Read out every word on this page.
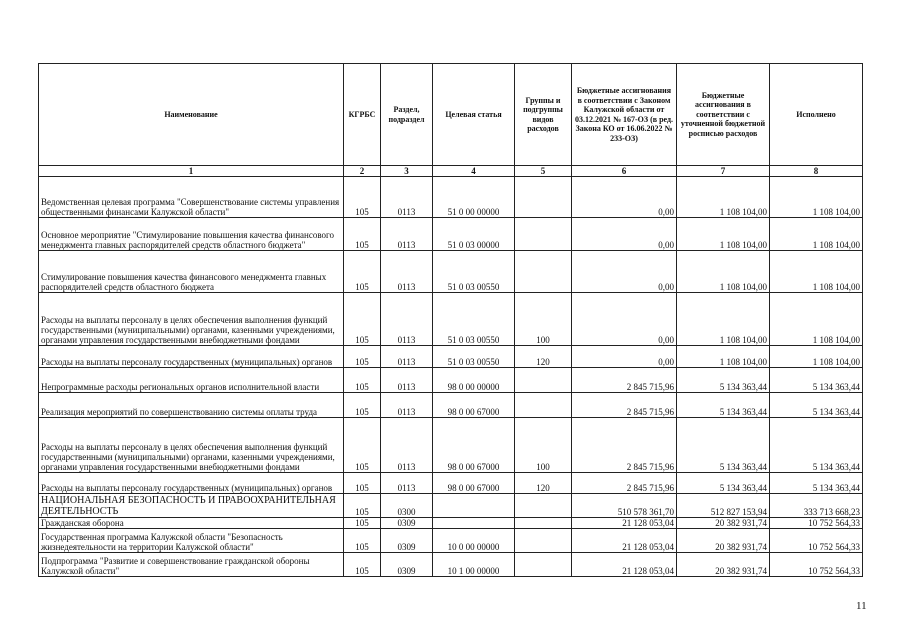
Наименование	КГРБС	Раздел, подраздел	Целевая статья	Группы и подгруппы видов расходов	Бюджетные ассигнования в соответствии с Законом Калужской области от 03.12.2021 № 167-ОЗ (в ред. Закона КО от 16.06.2022 № 233-ОЗ)	Бюджетные ассигнования в соответствии с уточненной бюджетной росписью расходов	Исполнено
1	2	3	4	5	6	7	8
Ведомственная целевая программа "Совершенствование системы управления общественными финансами Калужской области"	105	0113	51 0 00 00000		0,00	1 108 104,00	1 108 104,00
Основное мероприятие "Стимулирование повышения качества финансового менеджмента главных распорядителей средств областного бюджета"	105	0113	51 0 03 00000		0,00	1 108 104,00	1 108 104,00
Стимулирование повышения качества финансового менеджмента главных распорядителей средств областного бюджета	105	0113	51 0 03 00550		0,00	1 108 104,00	1 108 104,00
Расходы на выплаты персоналу в целях обеспечения выполнения функций государственными (муниципальными) органами, казенными учреждениями, органами управления государственными внебюджетными фондами	105	0113	51 0 03 00550	100	0,00	1 108 104,00	1 108 104,00
Расходы на выплаты персоналу государственных (муниципальных) органов	105	0113	51 0 03 00550	120	0,00	1 108 104,00	1 108 104,00
Непрограммные расходы региональных органов исполнительной власти	105	0113	98 0 00 00000		2 845 715,96	5 134 363,44	5 134 363,44
Реализация мероприятий по совершенствованию системы оплаты труда	105	0113	98 0 00 67000		2 845 715,96	5 134 363,44	5 134 363,44
Расходы на выплаты персоналу в целях обеспечения выполнения функций государственными (муниципальными) органами, казенными учреждениями, органами управления государственными внебюджетными фондами	105	0113	98 0 00 67000	100	2 845 715,96	5 134 363,44	5 134 363,44
Расходы на выплаты персоналу государственных (муниципальных) органов	105	0113	98 0 00 67000	120	2 845 715,96	5 134 363,44	5 134 363,44
НАЦИОНАЛЬНАЯ БЕЗОПАСНОСТЬ И ПРАВООХРАНИТЕЛЬНАЯ ДЕЯТЕЛЬНОСТЬ	105	0300			510 578 361,70	512 827 153,94	333 713 668,23
Гражданская оборона	105	0309			21 128 053,04	20 382 931,74	10 752 564,33
Государственная программа Калужской области "Безопасность жизнедеятельности на территории Калужской области"	105	0309	10 0 00 00000		21 128 053,04	20 382 931,74	10 752 564,33
Подпрограмма "Развитие и совершенствование гражданской обороны Калужской области"	105	0309	10 1 00 00000		21 128 053,04	20 382 931,74	10 752 564,33
11
